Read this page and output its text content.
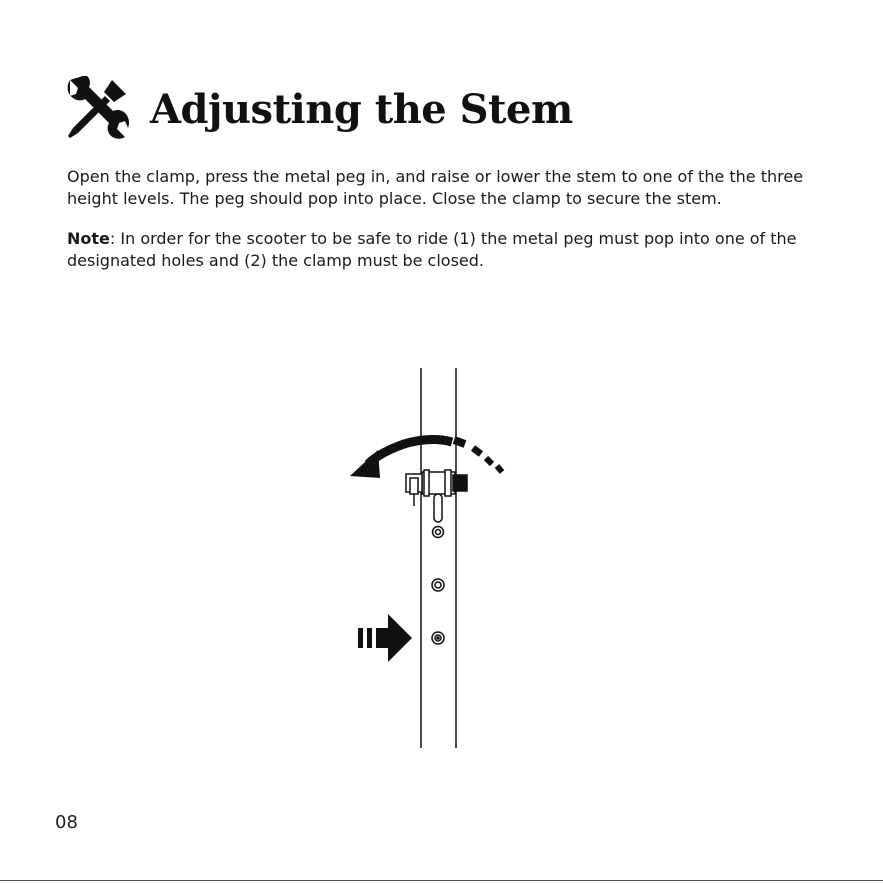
Adjusting the Stem

Open the clamp, press the metal peg in, and raise or lower the stem to one of the the three height levels. The peg should pop into place. Close the clamp to secure the stem.

Note: In order for the scooter to be safe to ride (1) the metal peg must pop into one of the designated holes and (2) the clamp must be closed.

08
